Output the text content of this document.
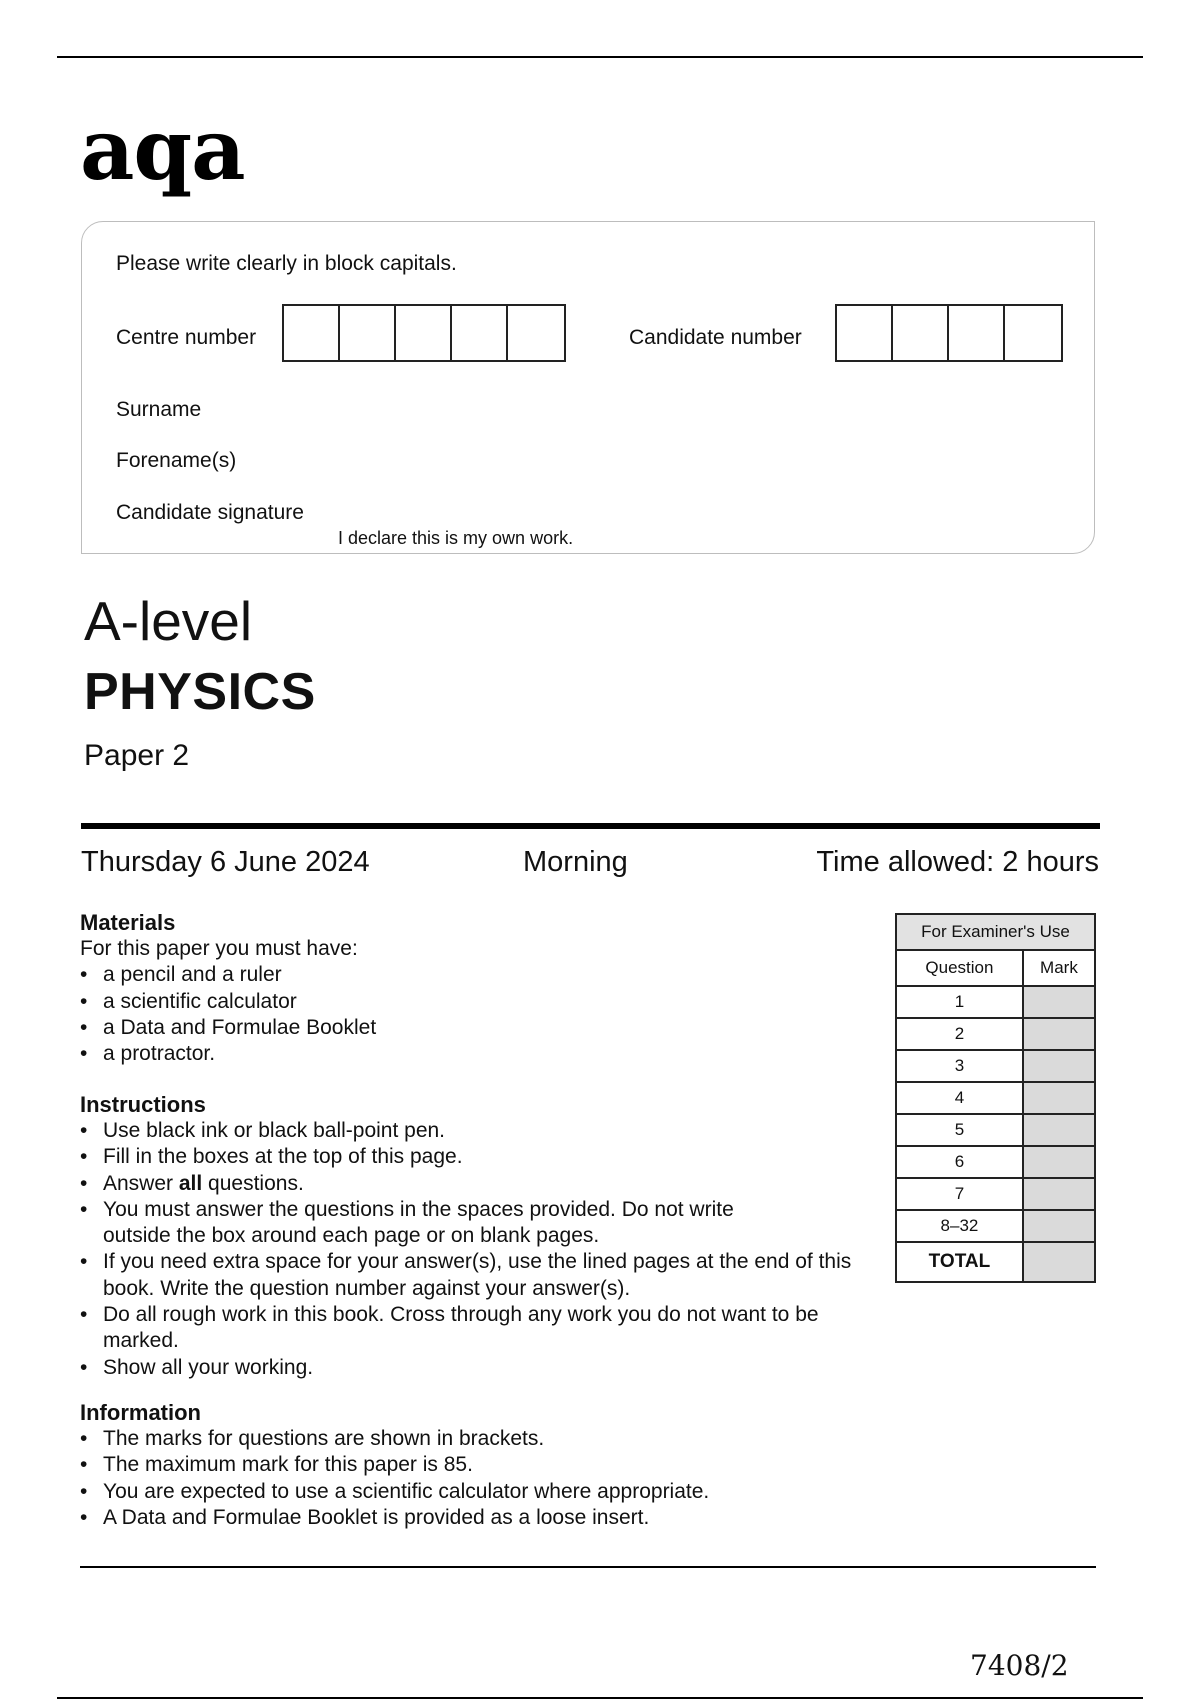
aqa
Please write clearly in block capitals.
Centre number	Candidate number
Surname
Forename(s)
Candidate signature
I declare this is my own work.
A-level
PHYSICS
Paper 2
Thursday 6 June 2024	Morning	Time allowed: 2 hours
Materials

For this paper you must have:

• a pencil and a ruler
• a scientific calculator
• a Data and Formulae Booklet
• a protractor.
Instructions
• Use black ink or black ball-point pen.
• Fill in the boxes at the top of this page.
• Answer all questions.
• You must answer the questions in the spaces provided. Do not write outside the box around each page or on blank pages.
• If you need extra space for your answer(s), use the lined pages at the end of this book. Write the question number against your answer(s).
• Do all rough work in this book. Cross through any work you do not want to be marked.
• Show all your working.
Information
• The marks for questions are shown in brackets.
• The maximum mark for this paper is 85.
• You are expected to use a scientific calculator where appropriate.
• A Data and Formulae Booklet is provided as a loose insert.
For Examiner's Use	
Question	Mark
1	
2	
3	
4	
5	
6	
7	
8–32	
TOTAL	
7408/2
